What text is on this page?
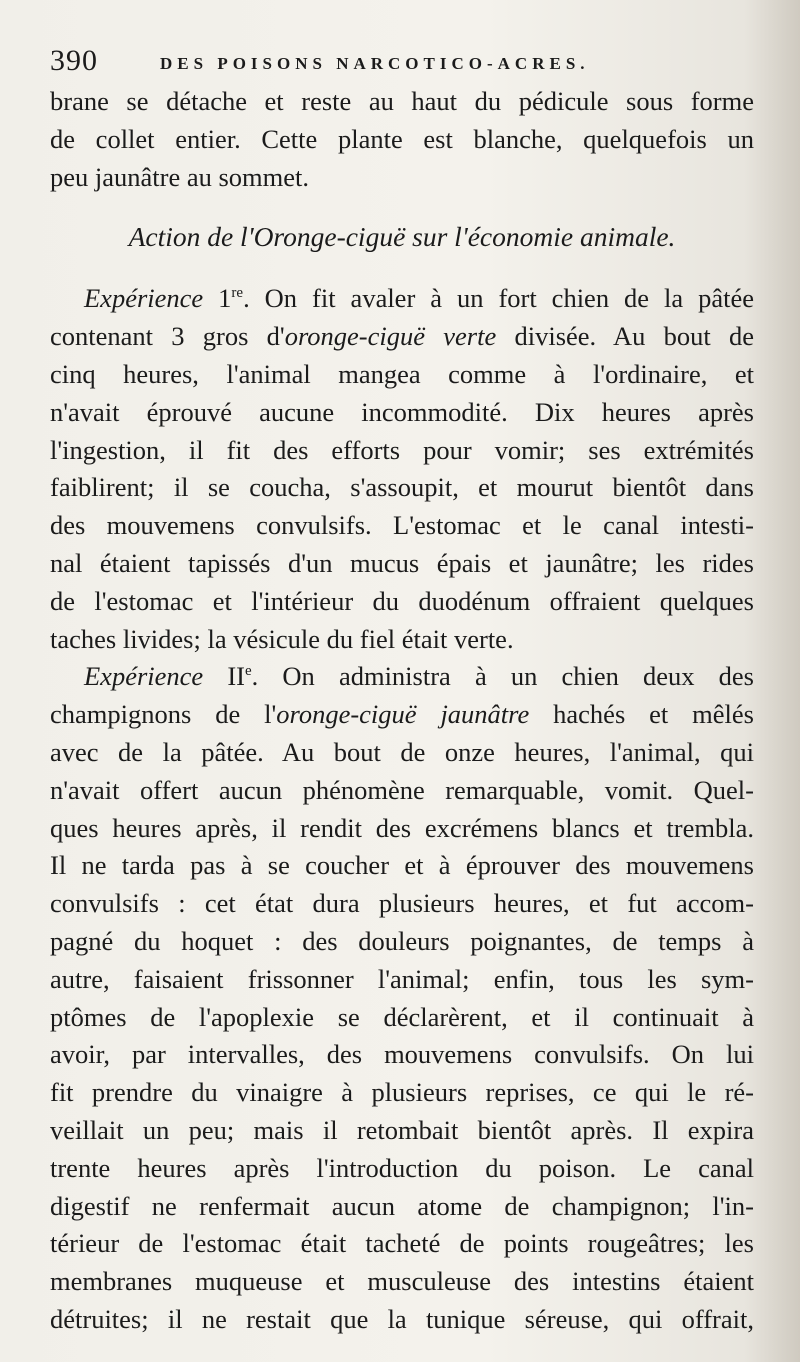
390	DES POISONS NARCOTICO-ACRES.
brane se détache et reste au haut du pédicule sous forme
de collet entier. Cette plante est blanche, quelquefois un
peu jaunâtre au sommet.
Action de l'Oronge-ciguë sur l'économie animale.
Expérience 1re. On fit avaler à un fort chien de la pâtée
contenant 3 gros d'oronge-ciguë verte divisée. Au bout de
cinq heures, l'animal mangea comme à l'ordinaire, et
n'avait éprouvé aucune incommodité. Dix heures après
l'ingestion, il fit des efforts pour vomir; ses extrémités
faiblirent; il se coucha, s'assoupit, et mourut bientôt dans
des mouvemens convulsifs. L'estomac et le canal intesti-
nal étaient tapissés d'un mucus épais et jaunâtre; les rides
de l'estomac et l'intérieur du duodénum offraient quelques
taches livides; la vésicule du fiel était verte.
Expérience IIe. On administra à un chien deux des
champignons de l'oronge-ciguë jaunâtre hachés et mêlés
avec de la pâtée. Au bout de onze heures, l'animal, qui
n'avait offert aucun phénomène remarquable, vomit. Quel-
ques heures après, il rendit des excrémens blancs et trembla.
Il ne tarda pas à se coucher et à éprouver des mouvemens
convulsifs : cet état dura plusieurs heures, et fut accom-
pagné du hoquet : des douleurs poignantes, de temps à
autre, faisaient frissonner l'animal; enfin, tous les sym-
ptômes de l'apoplexie se déclarèrent, et il continuait à
avoir, par intervalles, des mouvemens convulsifs. On lui
fit prendre du vinaigre à plusieurs reprises, ce qui le ré-
veillait un peu; mais il retombait bientôt après. Il expira
trente heures après l'introduction du poison. Le canal
digestif ne renfermait aucun atome de champignon; l'in-
térieur de l'estomac était tacheté de points rougeâtres; les
membranes muqueuse et musculeuse des intestins étaient
détruites; il ne restait que la tunique séreuse, qui offrait,
